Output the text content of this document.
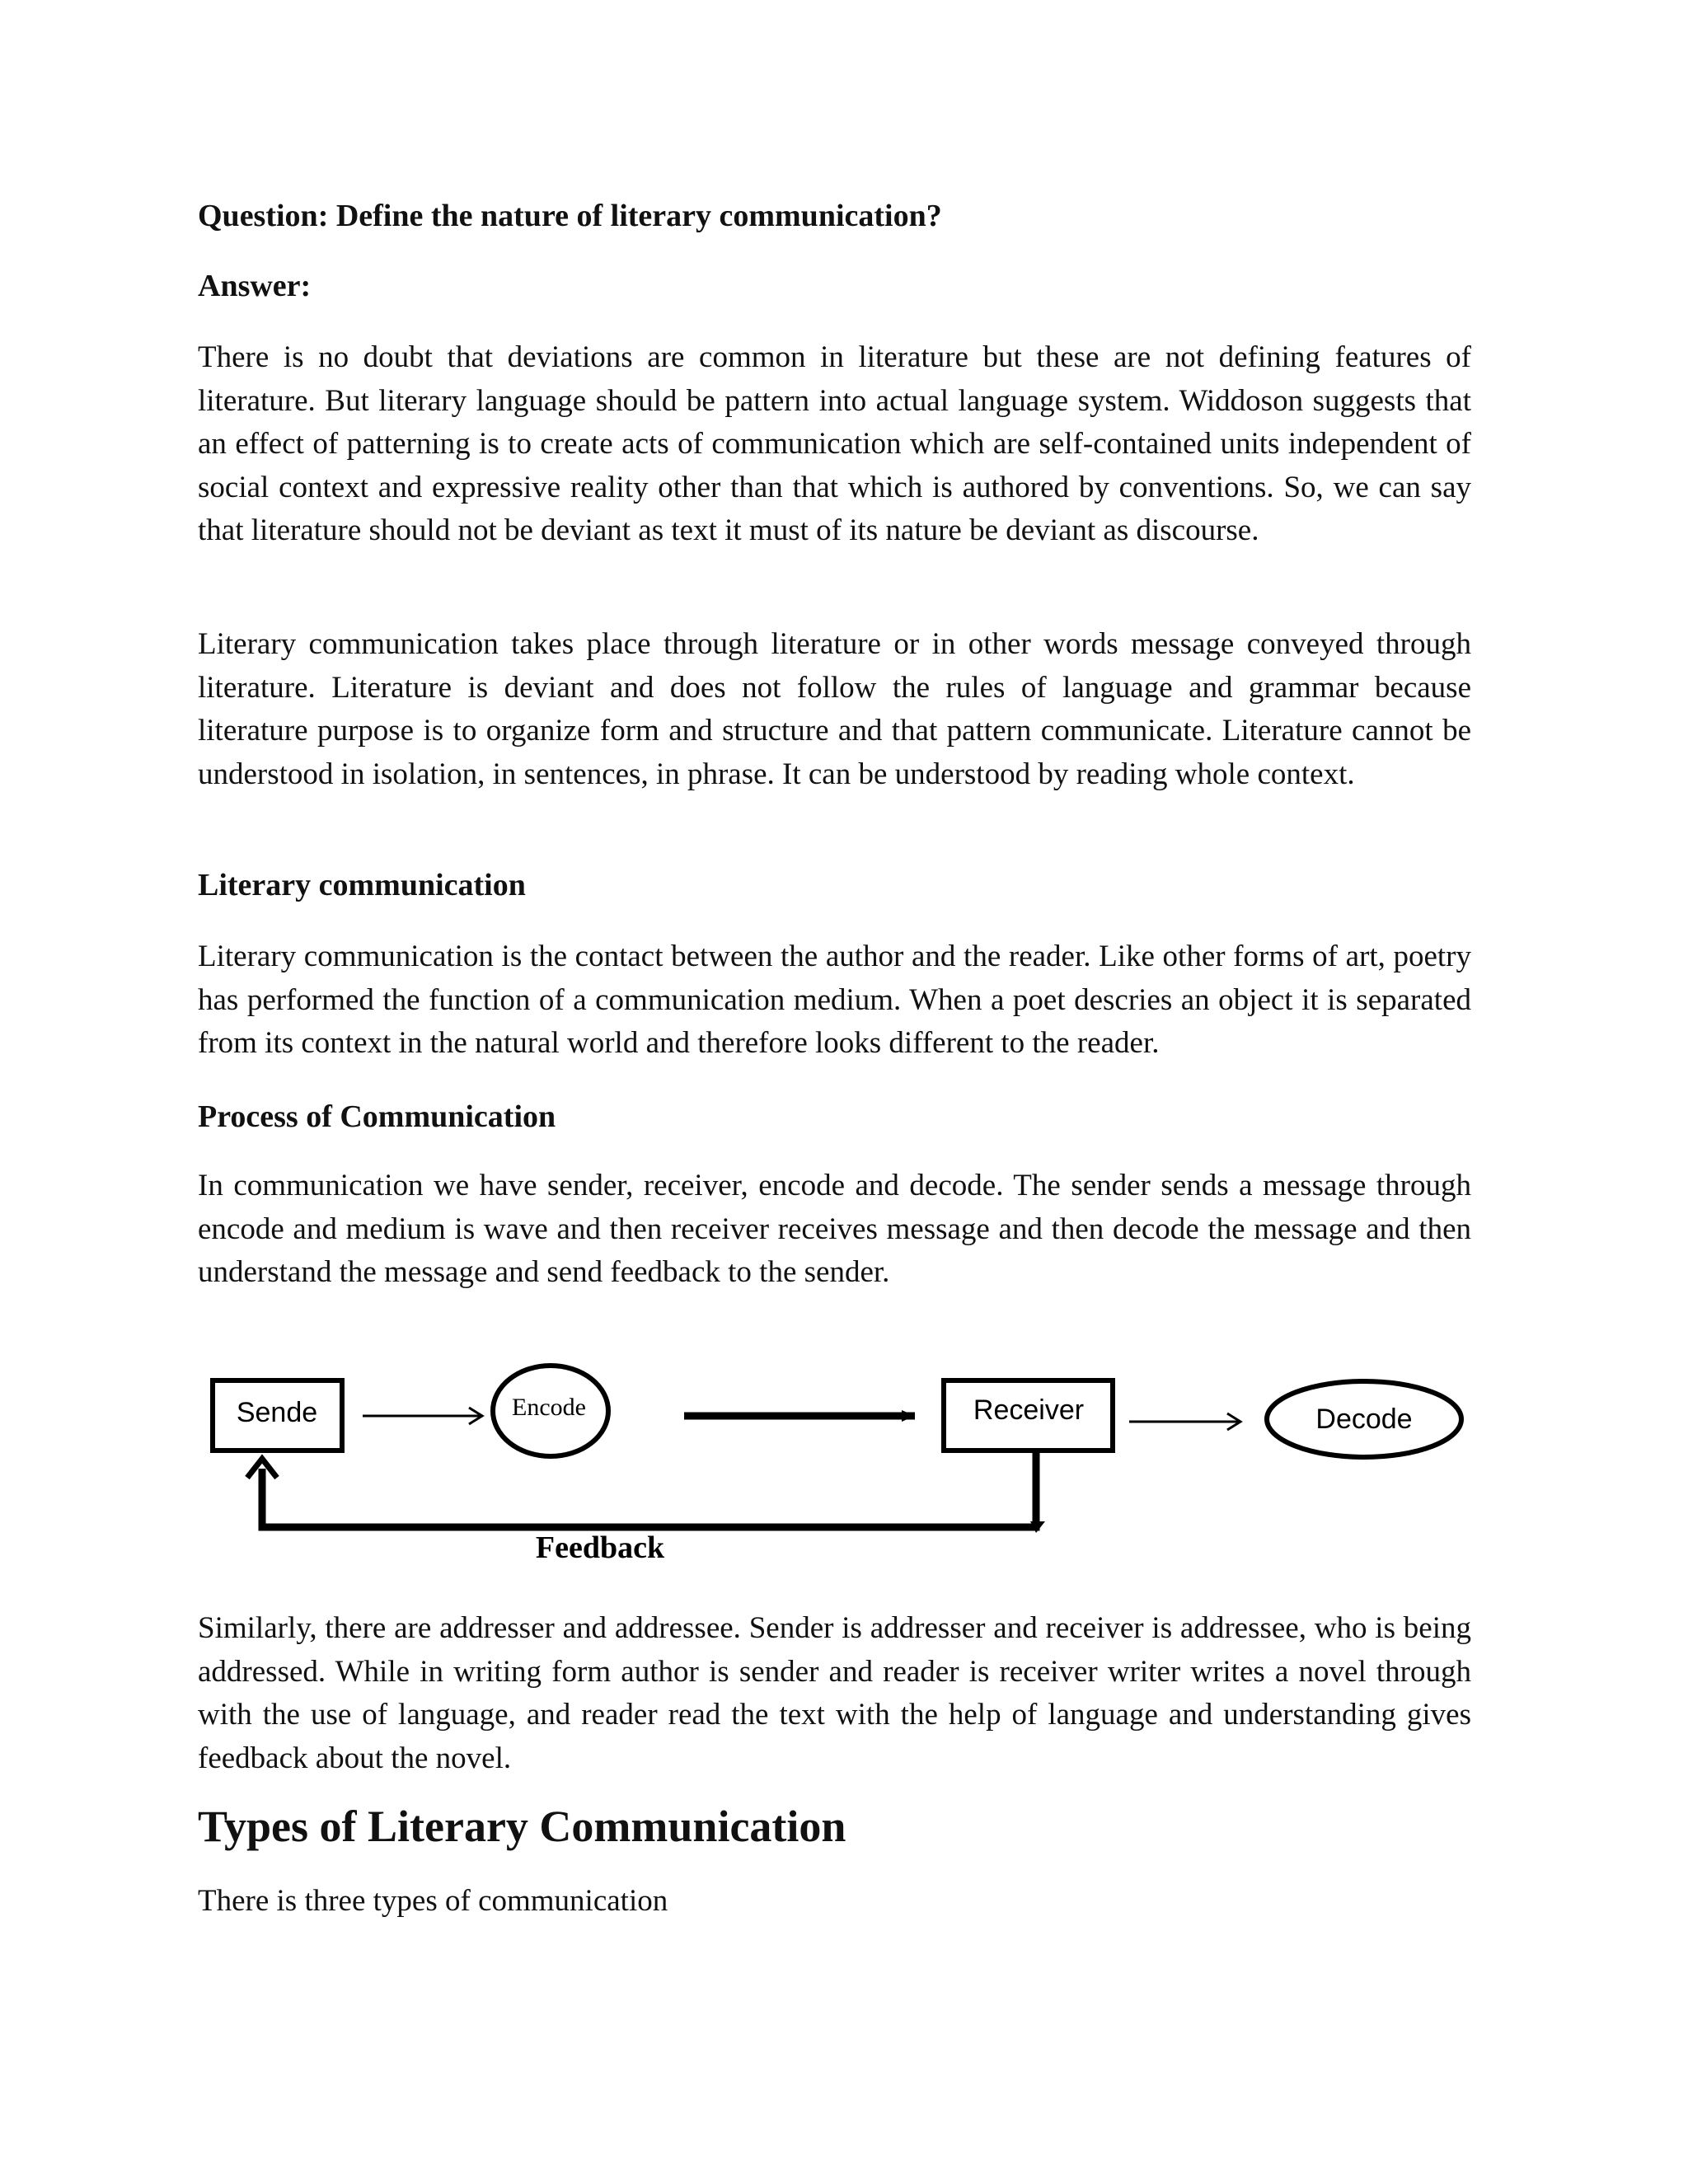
Question: Define the nature of literary communication?
Answer:

There is no doubt that deviations are common in literature but these are not defining features of literature. But literary language should be pattern into actual language system. Widdoson suggests that an effect of patterning is to create acts of communication which are self-contained units independent of social context and expressive reality other than that which is authored by conventions. So, we can say that literature should not be deviant as text it must of its nature be deviant as discourse.

Literary communication takes place through literature or in other words message conveyed through literature. Literature is deviant and does not follow the rules of language and grammar because literature purpose is to organize form and structure and that pattern communicate. Literature cannot be understood in isolation, in sentences, in phrase. It can be understood by reading whole context.

Literary communication

Literary communication is the contact between the author and the reader. Like other forms of art, poetry has performed the function of a communication medium. When a poet descries an object it is separated from its context in the natural world and therefore looks different to the reader.

Process of Communication

In communication we have sender, receiver, encode and decode. The sender sends a message through encode and medium is wave and then receiver receives message and then decode the message and then understand the message and send feedback to the sender.

Similarly, there are addresser and addressee. Sender is addresser and receiver is addressee, who is being addressed. While in writing form author is sender and reader is receiver writer writes a novel through with the use of language, and reader read the text with the help of language and understanding gives feedback about the novel.

Types of Literary Communication

There is three types of communication

Sende	Encode	Receiver	Decode
Feedback
